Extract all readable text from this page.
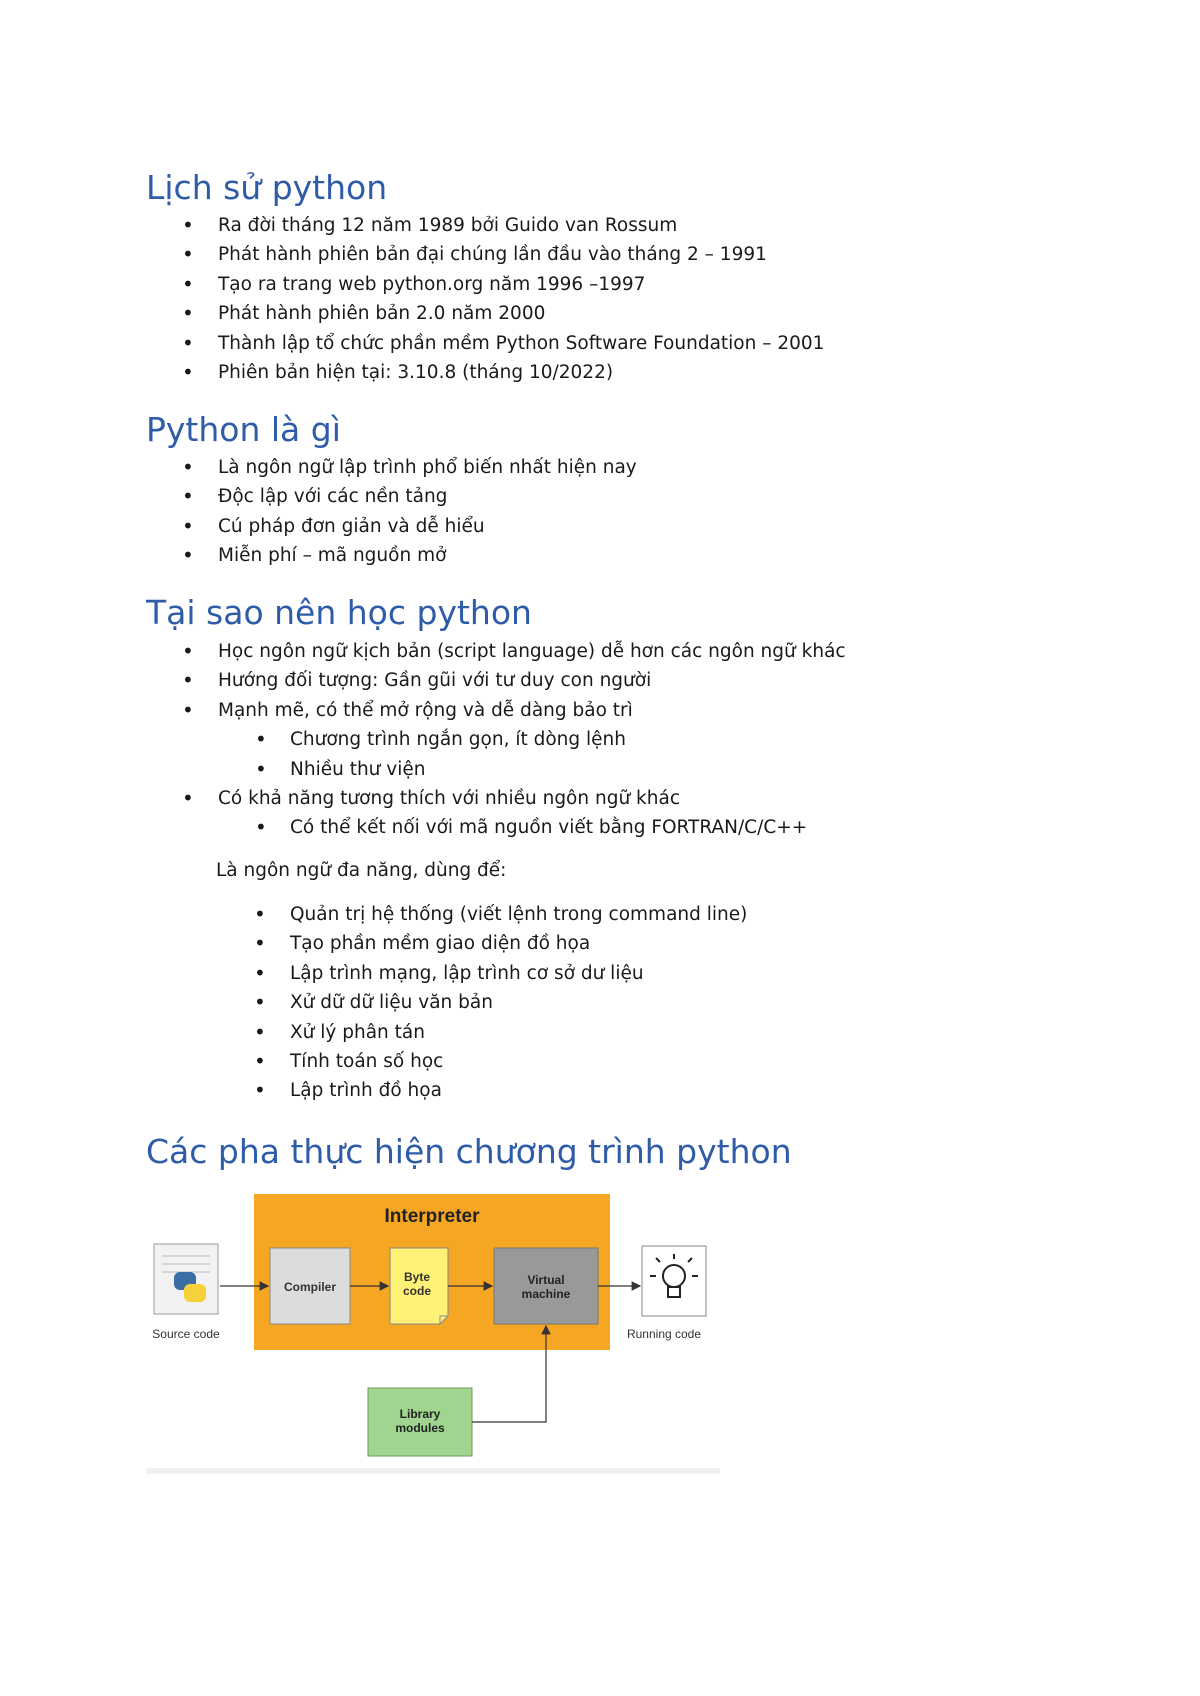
Lịch sử python
• Ra đời tháng 12 năm 1989 bởi Guido van Rossum
• Phát hành phiên bản đại chúng lần đầu vào tháng 2 – 1991
• Tạo ra trang web python.org năm 1996 –1997
• Phát hành phiên bản 2.0 năm 2000
• Thành lập tổ chức phần mềm Python Software Foundation – 2001
• Phiên bản hiện tại: 3.10.8 (tháng 10/2022)
Python là gì
• Là ngôn ngữ lập trình phổ biến nhất hiện nay
• Độc lập với các nền tảng
• Cú pháp đơn giản và dễ hiểu
• Miễn phí – mã nguồn mở
Tại sao nên học python
• Học ngôn ngữ kịch bản (script language) dễ hơn các ngôn ngữ khác
• Hướng đối tượng: Gần gũi với tư duy con người
• Mạnh mẽ, có thể mở rộng và dễ dàng bảo trì
• Chương trình ngắn gọn, ít dòng lệnh
• Nhiều thư viện
• Có khả năng tương thích với nhiều ngôn ngữ khác
• Có thể kết nối với mã nguồn viết bằng FORTRAN/C/C++
Là ngôn ngữ đa năng, dùng để:
• Quản trị hệ thống (viết lệnh trong command line)
• Tạo phần mềm giao diện đồ họa
• Lập trình mạng, lập trình cơ sở dư liệu
• Xử dữ dữ liệu văn bản
• Xử lý phân tán
• Tính toán số học
• Lập trình đồ họa
Các pha thực hiện chương trình python
Interpreter
Compiler
Byte
code
Virtual
machine
Source code	Running code
Library
modules
